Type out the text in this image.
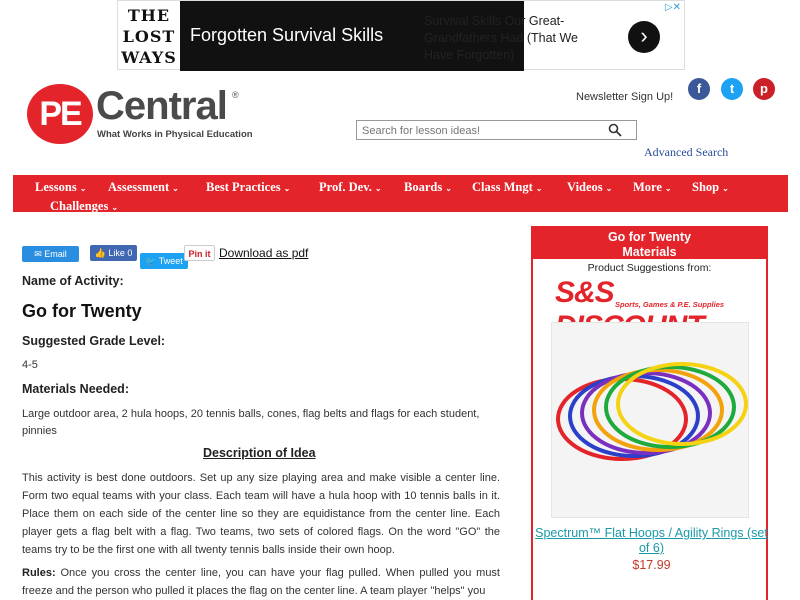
THE
LOST
WAYS
Forgotten Survival Skills
Survival Skills Our Great-Grandfathers Had (That We Have Forgotten)
›
▷✕
PE Central ®
What Works in Physical Education
Newsletter Sign Up!
f	t	p
Search for lesson ideas!
Advanced Search
Lessons ⌄ Assessment ⌄ Best Practices ⌄ Prof. Dev. ⌄ Boards ⌄ Class Mngt ⌄ Videos ⌄ More ⌄ Shop ⌄
Challenges ⌄
✉ Email	👍 Like 0
🐦 Tweet
Pin it Download as pdf
Name of Activity:
Go for Twenty
Suggested Grade Level:
4-5
Materials Needed:
Large outdoor area, 2 hula hoops, 20 tennis balls, cones, flag belts and flags for each student, pinnies
Description of Idea
This activity is best done outdoors. Set up any size playing area and make visible a center line. Form two equal teams with your class. Each team will have a hula hoop with 10 tennis balls in it. Place them on each side of the center line so they are equidistance from the center line. Each player gets a flag belt with a flag. Two teams, two sets of colored flags. On the word "GO" the teams try to be the first one with all twenty tennis balls inside their own hoop.
Rules: Once you cross the center line, you can have your flag pulled. When pulled you must freeze and the person who pulled it places the flag on the center line. A team player "helps" you
Go for Twenty
Materials
Product Suggestions from:
S&S Sports, Games & P.E. Supplies
Spectrum™ Flat Hoops / Agility Rings (set of 6)
$17.99
